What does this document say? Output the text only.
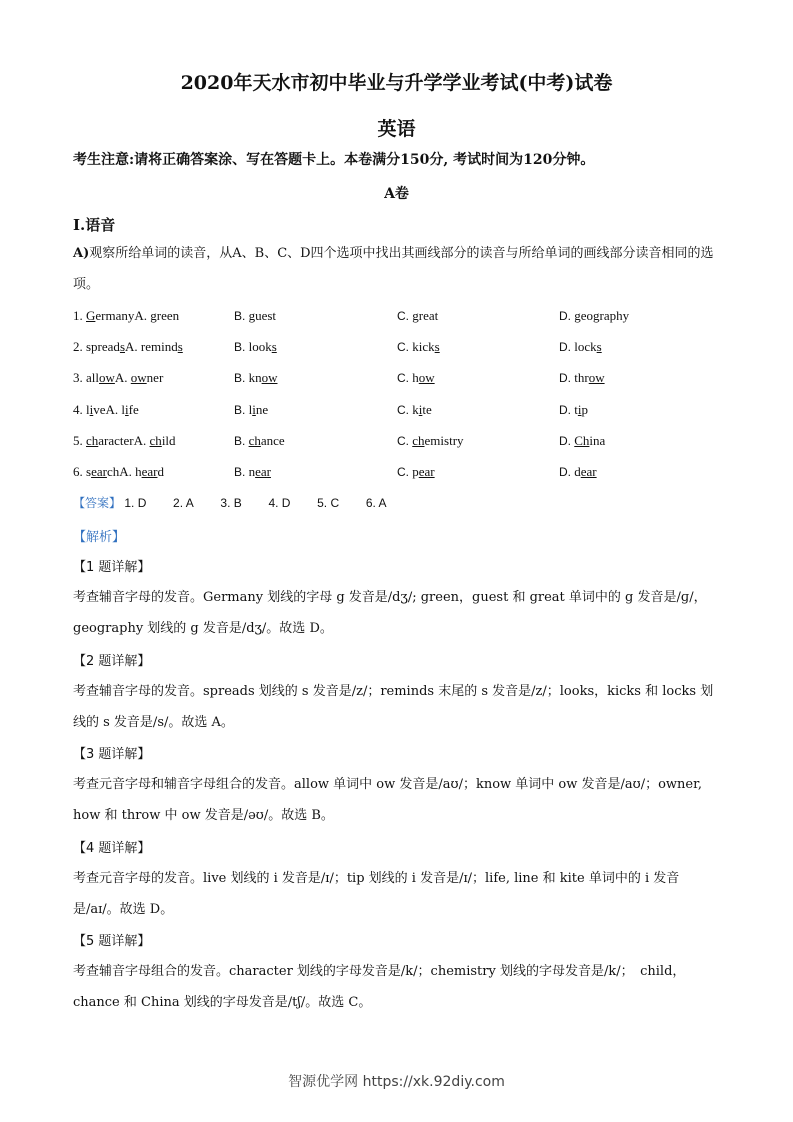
2020年天水市初中毕业与升学学业考试(中考)试卷
英语
考生注意:请将正确答案涂、写在答题卡上。本卷满分150分, 考试时间为120分钟。
A卷
I.语音
A)观察所给单词的读音，从A、B、C、D四个选项中找出其画线部分的读音与所给单词的画线部分读音相同的选项。
1. GermanyA. green	B. guest	C. great	D. geography
2. spreadsA. reminds	B. looks	C. kicks	D. locks
3. allowA. owner	B. know	C. how	D. throw
4. liveA. life	B. line	C. kite	D. tip
5. characterA. child	B. chance	C. chemistry	D. China
6. searchA. heard	B. near	C. pear	D. dear
【答案】 1. D 2. A 3. B 4. D 5. C 6. A
【解析】
【1 题详解】
考查辅音字母的发音。Germany 划线的字母 g 发音是/dʒ/; green，guest 和 great 单词中的 g 发音是/ɡ/，geography 划线的 g 发音是/dʒ/。故选 D。
【2 题详解】
考查辅音字母的发音。spreads 划线的 s 发音是/z/；reminds 末尾的 s 发音是/z/；looks，kicks 和 locks 划线的 s 发音是/s/。故选 A。
【3 题详解】
考查元音字母和辅音字母组合的发音。allow 单词中 ow 发音是/aʊ/；know 单词中 ow 发音是/aʊ/；owner, how 和 throw 中 ow 发音是/əʊ/。故选 B。
【4 题详解】
考查元音字母的发音。live 划线的 i 发音是/ɪ/；tip 划线的 i 发音是/ɪ/；life, line 和 kite 单词中的 i 发音是/aɪ/。故选 D。
【5 题详解】
考查辅音字母组合的发音。character 划线的字母发音是/k/；chemistry 划线的字母发音是/k/；　child，chance 和 China 划线的字母发音是/tʃ/。故选 C。
智源优学网 https://xk.92diy.com
